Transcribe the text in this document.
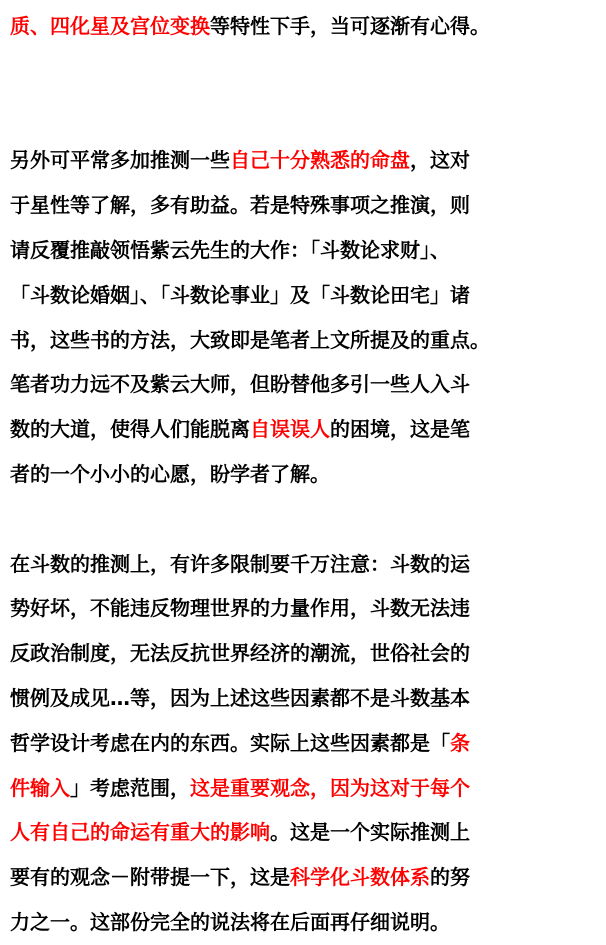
质、四化星及宫位变换等特性下手，当可逐渐有心得。
另外可平常多加推测一些自己十分熟悉的命盘，这对
于星性等了解，多有助益。若是特殊事项之推演，则
请反覆推敲领悟紫云先生的大作：「斗数论求财」、
「斗数论婚姻」、「斗数论事业」及「斗数论田宅」诸
书，这些书的方法，大致即是笔者上文所提及的重点。
笔者功力远不及紫云大师，但盼替他多引一些人入斗
数的大道，使得人们能脱离自误误人的困境，这是笔
者的一个小小的心愿，盼学者了解。
在斗数的推测上，有许多限制要千万注意：斗数的运
势好坏，不能违反物理世界的力量作用，斗数无法违
反政治制度，无法反抗世界经济的潮流，世俗社会的
惯例及成见…等，因为上述这些因素都不是斗数基本
哲学设计考虑在内的东西。实际上这些因素都是「条
件输入」考虑范围，这是重要观念，因为这对于每个
人有自己的命运有重大的影响。这是一个实际推测上
要有的观念－附带提一下，这是科学化斗数体系的努
力之一。这部份完全的说法将在后面再仔细说明。
